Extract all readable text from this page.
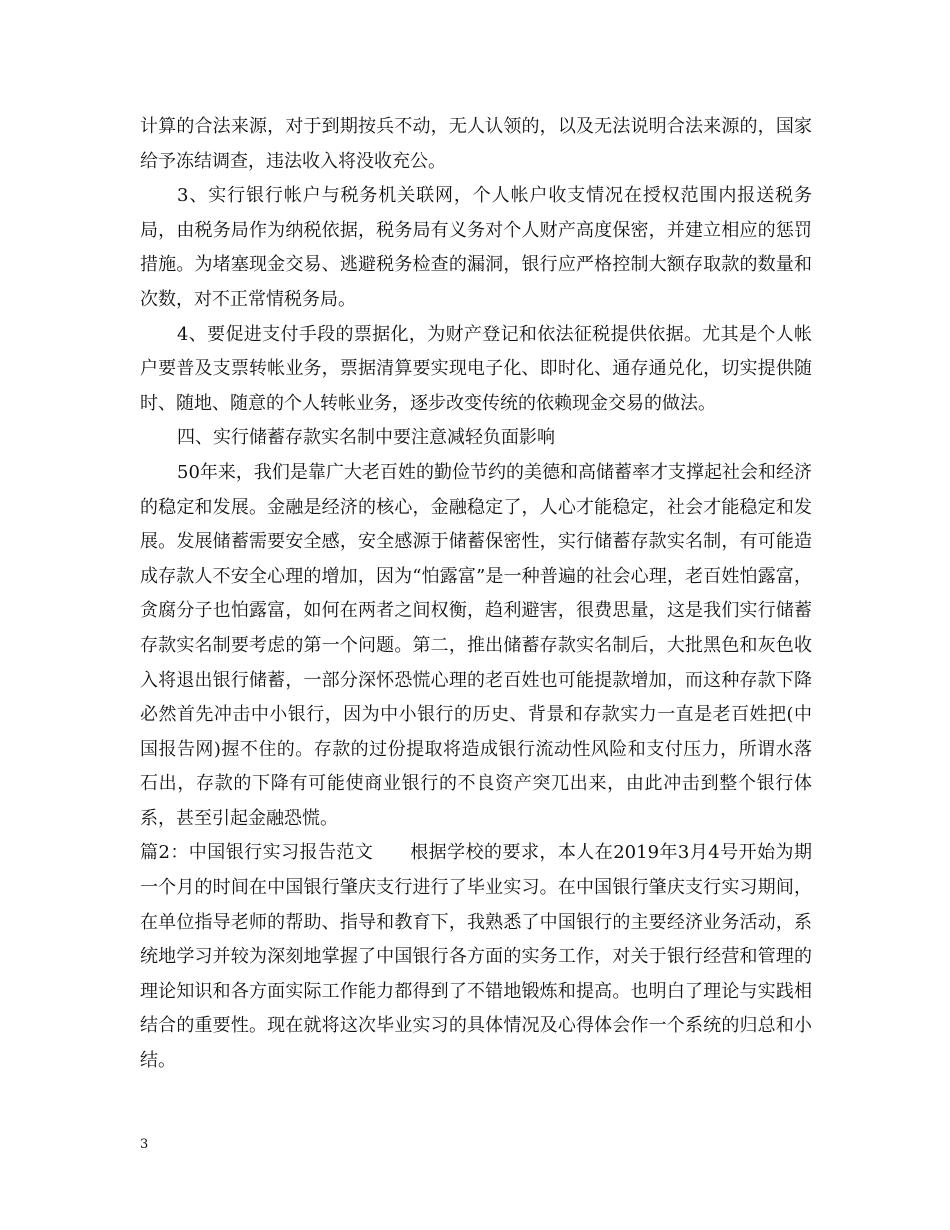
计算的合法来源，对于到期按兵不动，无人认领的，以及无法说明合法来源的，国家给予冻结调查，违法收入将没收充公。

3、实行银行帐户与税务机关联网，个人帐户收支情况在授权范围内报送税务局，由税务局作为纳税依据，税务局有义务对个人财产高度保密，并建立相应的惩罚措施。为堵塞现金交易、逃避税务检查的漏洞，银行应严格控制大额存取款的数量和次数，对不正常情税务局。

4、要促进支付手段的票据化，为财产登记和依法征税提供依据。尤其是个人帐户要普及支票转帐业务，票据清算要实现电子化、即时化、通存通兑化，切实提供随时、随地、随意的个人转帐业务，逐步改变传统的依赖现金交易的做法。

四、实行储蓄存款实名制中要注意减轻负面影响

50年来，我们是靠广大老百姓的勤俭节约的美德和高储蓄率才支撑起社会和经济的稳定和发展。金融是经济的核心，金融稳定了，人心才能稳定，社会才能稳定和发展。发展储蓄需要安全感，安全感源于储蓄保密性，实行储蓄存款实名制，有可能造成存款人不安全心理的增加，因为“怕露富”是一种普遍的社会心理，老百姓怕露富，贪腐分子也怕露富，如何在两者之间权衡，趋利避害，很费思量，这是我们实行储蓄存款实名制要考虑的第一个问题。第二，推出储蓄存款实名制后，大批黑色和灰色收入将退出银行储蓄，一部分深怀恐慌心理的老百姓也可能提款增加，而这种存款下降必然首先冲击中小银行，因为中小银行的历史、背景和存款实力一直是老百姓把(中国报告网)握不住的。存款的过份提取将造成银行流动性风险和支付压力，所谓水落石出，存款的下降有可能使商业银行的不良资产突兀出来，由此冲击到整个银行体系，甚至引起金融恐慌。

篇2：中国银行实习报告范文　　根据学校的要求，本人在2019年3月4号开始为期一个月的时间在中国银行肇庆支行进行了毕业实习。在中国银行肇庆支行实习期间，在单位指导老师的帮助、指导和教育下，我熟悉了中国银行的主要经济业务活动，系统地学习并较为深刻地掌握了中国银行各方面的实务工作，对关于银行经营和管理的理论知识和各方面实际工作能力都得到了不错地锻炼和提高。也明白了理论与实践相结合的重要性。现在就将这次毕业实习的具体情况及心得体会作一个系统的归总和小结。

3
